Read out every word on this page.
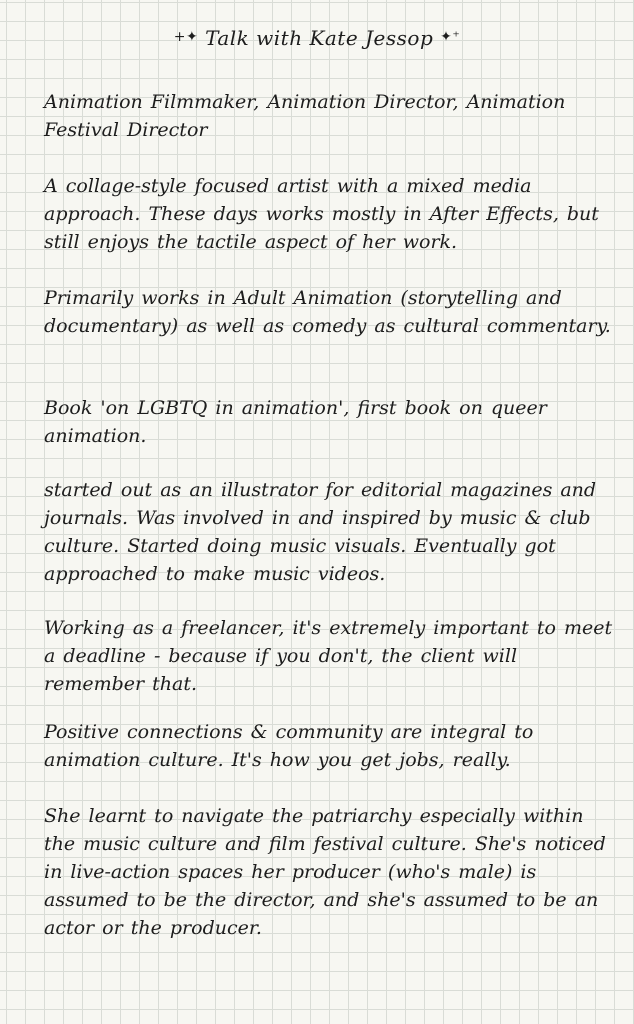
+✦ Talk with Kate Jessop ✦⁺

Animation Filmmaker, Animation Director, Animation Festival Director

A collage-style focused artist with a mixed media approach. These days works mostly in After Effects, but still enjoys the tactile aspect of her work.

Primarily works in Adult Animation (storytelling and documentary) as well as comedy as cultural commentary.

Book 'on LGBTQ in animation', first book on queer animation.

started out as an illustrator for editorial magazines and journals. Was involved in and inspired by music & club culture. Started doing music visuals. Eventually got approached to make music videos.

Working as a freelancer, it's extremely important to meet a deadline - because if you don't, the client will remember that.

Positive connections & community are integral to animation culture. It's how you get jobs, really.

She learnt to navigate the patriarchy especially within the music culture and film festival culture. She's noticed in live-action spaces her producer (who's male) is assumed to be the director, and she's assumed to be an actor or the producer.
